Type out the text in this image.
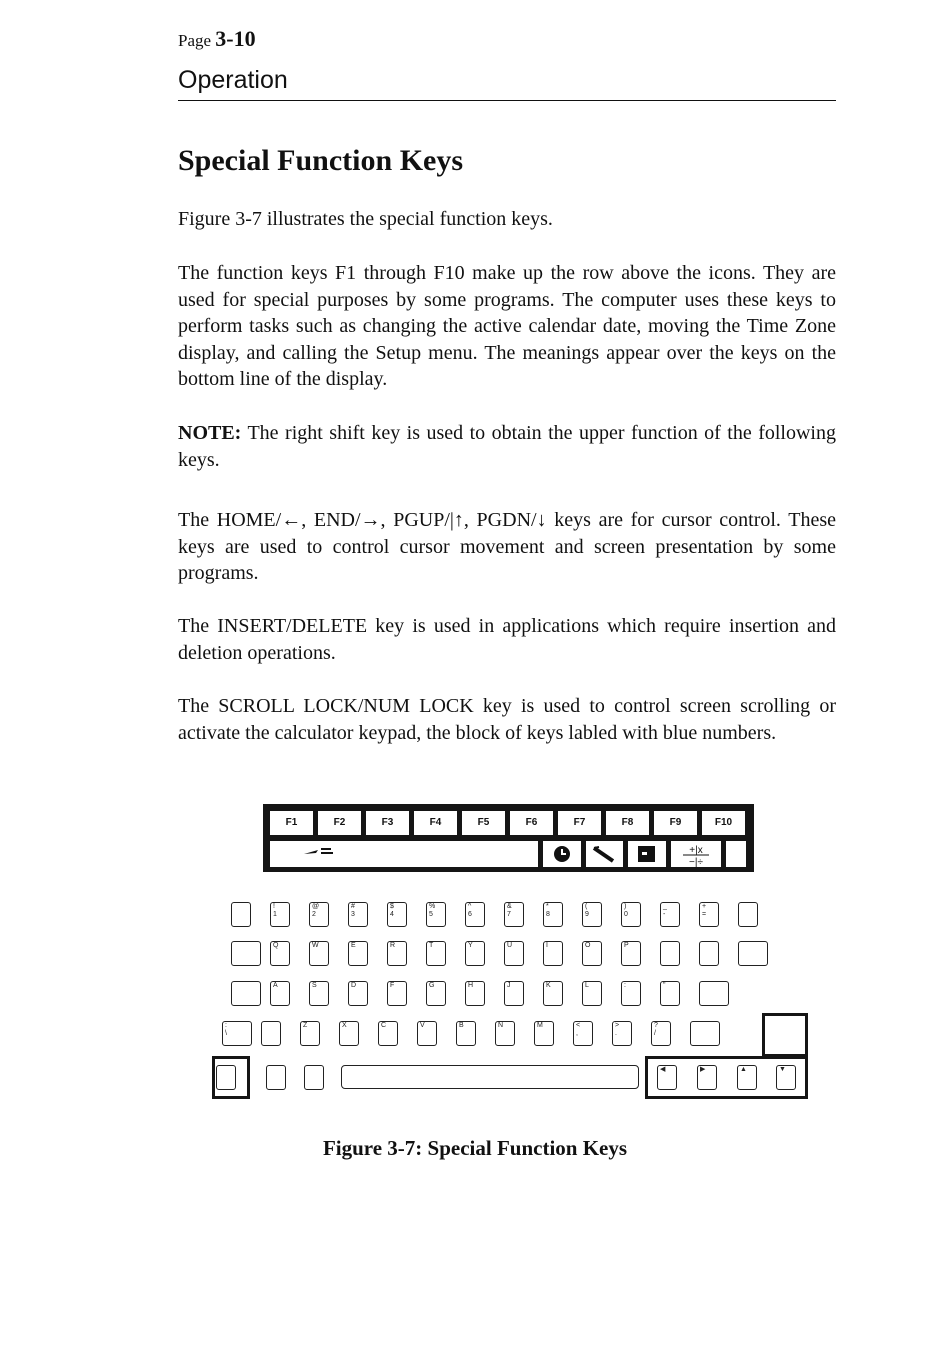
Page 3-10
Operation
Special Function Keys

Figure 3-7 illustrates the special function keys.

The function keys F1 through F10 make up the row above the icons. They are used for special purposes by some programs. The computer uses these keys to perform tasks such as changing the active calendar date, moving the Time Zone display, and calling the Setup menu. The meanings appear over the keys on the bottom line of the display.

NOTE: The right shift key is used to obtain the upper function of the following keys.

The HOME/←, END/→, PGUP/|↑, PGDN/↓ keys are for cursor control. These keys are used to control cursor movement and screen presentation by some programs.

The INSERT/DELETE key is used in applications which require insertion and deletion operations.

The SCROLL LOCK/NUM LOCK key is used to control screen scrolling or activate the calculator keypad, the block of keys labled with blue numbers.

+|x
−|÷
F1	F2	F3	F4	F5	F6	F7	F8	F9	F10
!
1
@
2
#
3
$
4
%
5
^
6
&
7
*
8
(
9
)
0
_
-
+
=
Q	W	E	R	T	Y	U	I	O	P
A	S	D	F	G	H	J	K	L	:	"
:
\
Z	X	C	V	B	N	M	<
,
>
.
?
/
◀	▶	▲	▼
Figure 3-7: Special Function Keys
